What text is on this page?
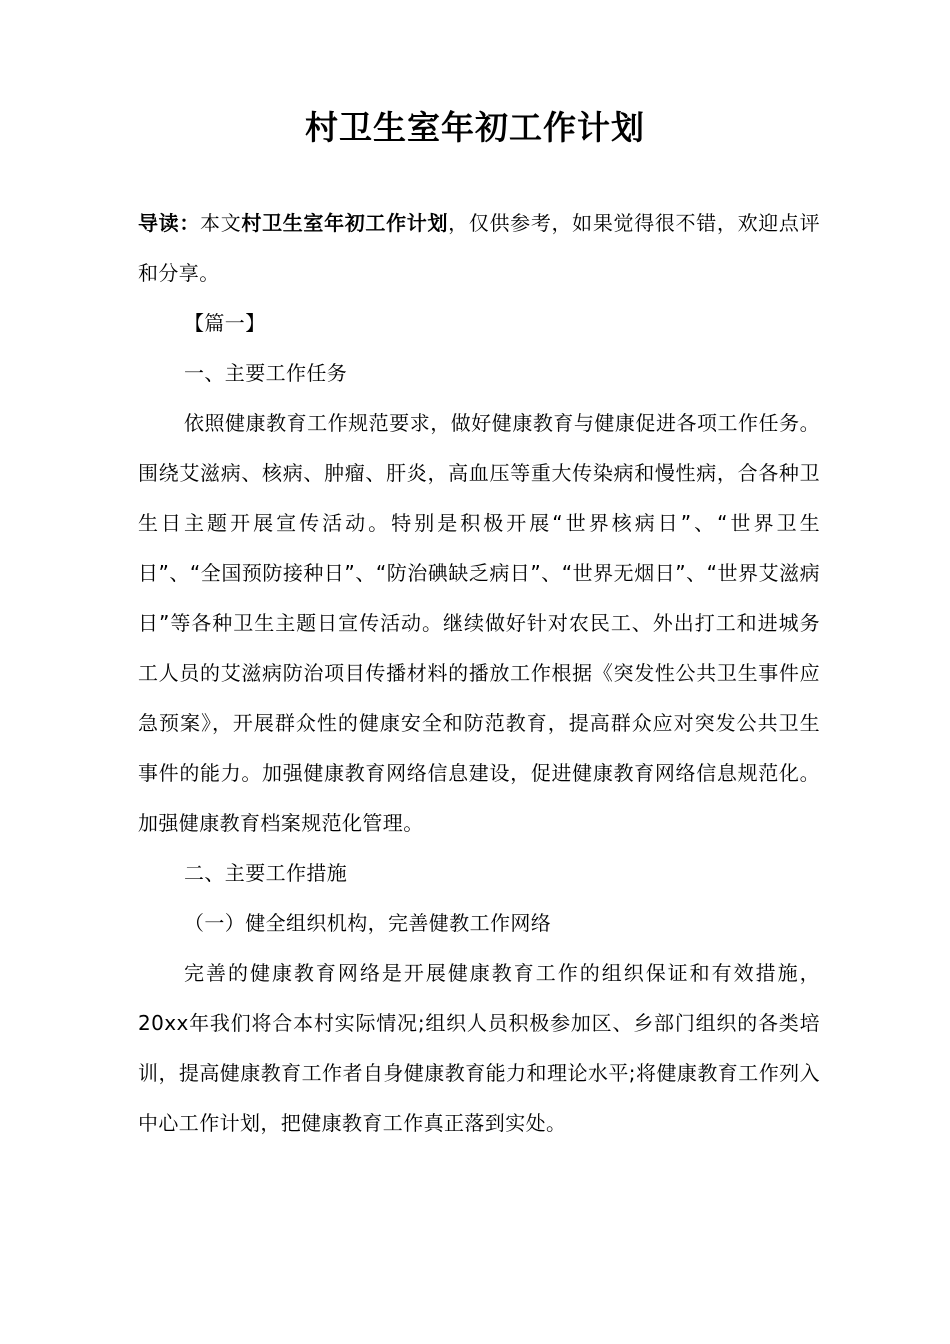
村卫生室年初工作计划

导读：本文村卫生室年初工作计划，仅供参考，如果觉得很不错，欢迎点评和分享。

【篇一】

一、主要工作任务

依照健康教育工作规范要求，做好健康教育与健康促进各项工作任务。围绕艾滋病、核病、肿瘤、肝炎，高血压等重大传染病和慢性病，合各种卫生日主题开展宣传活动。特别是积极开展“世界核病日”、“世界卫生日”、“全国预防接种日”、“防治碘缺乏病日”、“世界无烟日”、“世界艾滋病日”等各种卫生主题日宣传活动。继续做好针对农民工、外出打工和进城务工人员的艾滋病防治项目传播材料的播放工作根据《突发性公共卫生事件应急预案》，开展群众性的健康安全和防范教育，提高群众应对突发公共卫生事件的能力。加强健康教育网络信息建设，促进健康教育网络信息规范化。加强健康教育档案规范化管理。

二、主要工作措施

（一）健全组织机构，完善健教工作网络

完善的健康教育网络是开展健康教育工作的组织保证和有效措施，20xx年我们将合本村实际情况;组织人员积极参加区、乡部门组织的各类培训，提高健康教育工作者自身健康教育能力和理论水平;将健康教育工作列入中心工作计划，把健康教育工作真正落到实处。
